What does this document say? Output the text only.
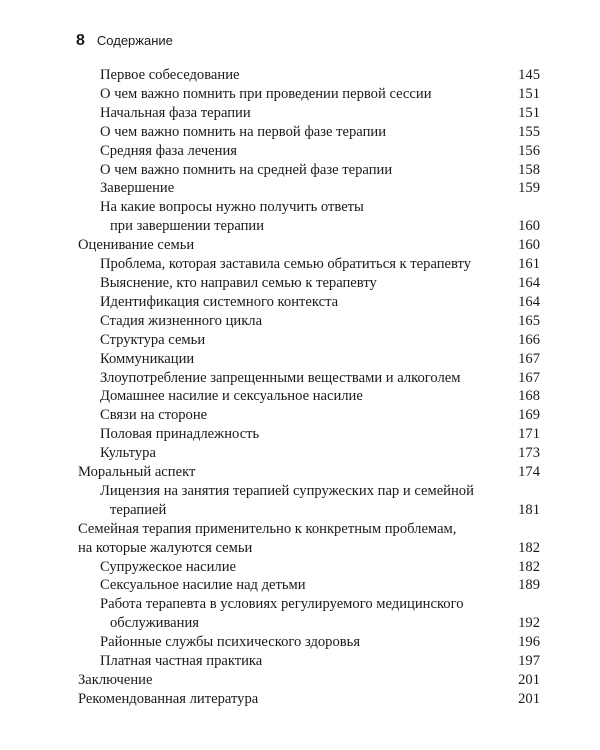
8 Содержание
Первое собеседование	145
О чем важно помнить при проведении первой сессии	151
Начальная фаза терапии	151
О чем важно помнить на первой фазе терапии	155
Средняя фаза лечения	156
О чем важно помнить на средней фазе терапии	158
Завершение	159
На какие вопросы нужно получить ответы
при завершении терапии	160
Оценивание семьи	160
Проблема, которая заставила семью обратиться к терапевту	161
Выяснение, кто направил семью к терапевту	164
Идентификация системного контекста	164
Стадия жизненного цикла	165
Структура семьи	166
Коммуникации	167
Злоупотребление запрещенными веществами и алкоголем	167
Домашнее насилие и сексуальное насилие	168
Связи на стороне	169
Половая принадлежность	171
Культура	173
Моральный аспект	174
Лицензия на занятия терапией супружеских пар и семейной
терапией	181
Семейная терапия применительно к конкретным проблемам,
на которые жалуются семьи	182
Супружеское насилие	182
Сексуальное насилие над детьми	189
Работа терапевта в условиях регулируемого медицинского
обслуживания	192
Районные службы психического здоровья	196
Платная частная практика	197
Заключение	201
Рекомендованная литература	201
